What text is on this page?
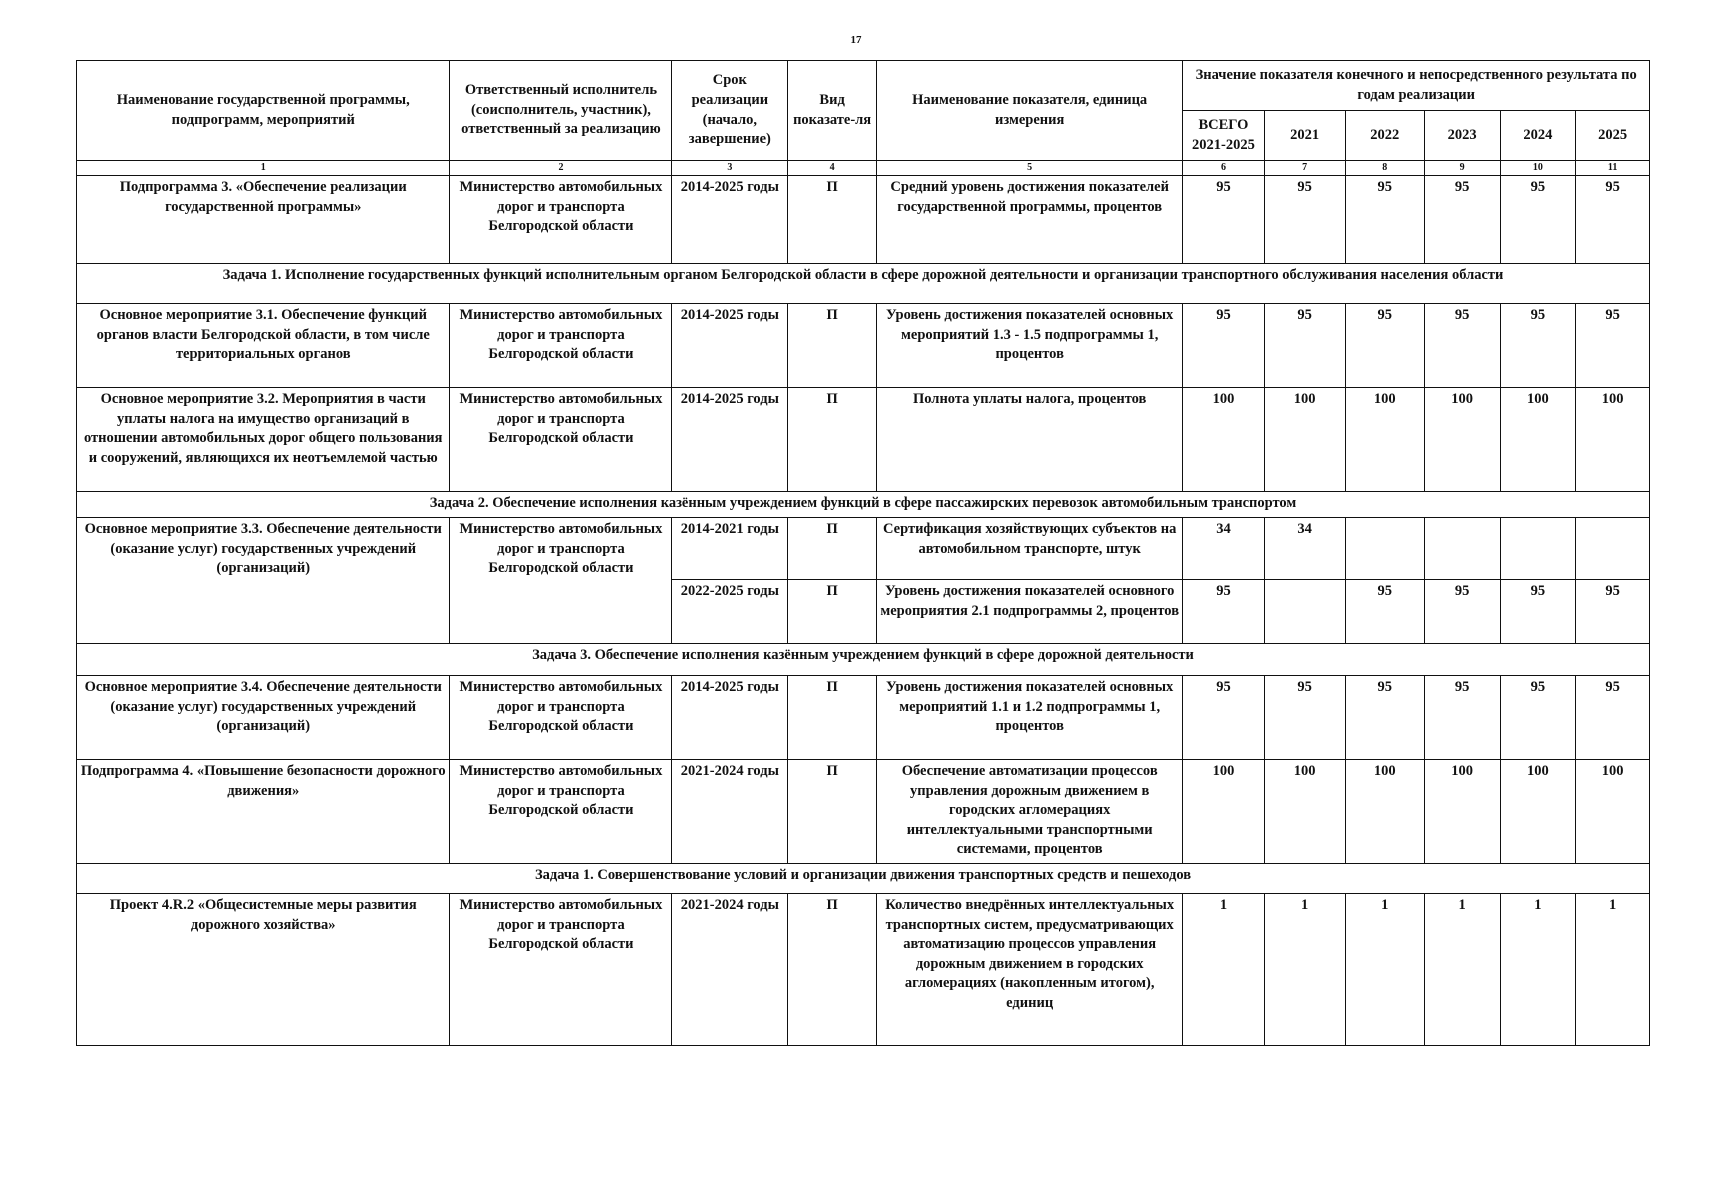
17
Наименование государственной программы, подпрограмм, мероприятий	Ответственный исполнитель (соисполнитель, участник), ответственный за реализацию	Срок реализации (начало, завершение)	Вид показате-ля	Наименование показателя, единица измерения	Значение показателя конечного и непосредственного результата по годам реализации					
					ВСЕГО 2021-2025	2021	2022	2023	2024	2025
1	2	3	4	5	6	7	8	9	10	11
Подпрограмма 3. «Обеспечение реализации государственной программы»	Министерство автомобильных дорог и транспорта Белгородской области	2014-2025 годы	П	Средний уровень достижения показателей государственной программы, процентов	95	95	95	95	95	95
Задача 1. Исполнение государственных функций исполнительным органом Белгородской области в сфере дорожной деятельности и организации транспортного обслуживания населения области										
Основное мероприятие 3.1. Обеспечение функций органов власти Белгородской области, в том числе территориальных органов	Министерство автомобильных дорог и транспорта Белгородской области	2014-2025 годы	П	Уровень достижения показателей основных мероприятий 1.3 - 1.5 подпрограммы 1, процентов	95	95	95	95	95	95
Основное мероприятие 3.2. Мероприятия в части уплаты налога на имущество организаций в отношении автомобильных дорог общего пользования и сооружений, являющихся их неотъемлемой частью	Министерство автомобильных дорог и транспорта Белгородской области	2014-2025 годы	П	Полнота уплаты налога, процентов	100	100	100	100	100	100
Задача 2. Обеспечение исполнения казённым учреждением функций в сфере пассажирских перевозок автомобильным транспортом										
Основное мероприятие 3.3. Обеспечение деятельности (оказание услуг) государственных учреждений (организаций)	Министерство автомобильных дорог и транспорта Белгородской области	2014-2021 годы	П	Сертификация хозяйствующих субъектов на автомобильном транспорте, штук	34	34				
		2022-2025 годы	П	Уровень достижения показателей основного мероприятия 2.1 подпрограммы 2, процентов	95		95	95	95	95
Задача 3. Обеспечение исполнения казённым учреждением функций в сфере дорожной деятельности										
Основное мероприятие 3.4. Обеспечение деятельности (оказание услуг) государственных учреждений (организаций)	Министерство автомобильных дорог и транспорта Белгородской области	2014-2025 годы	П	Уровень достижения показателей основных мероприятий 1.1 и 1.2 подпрограммы 1, процентов	95	95	95	95	95	95
Подпрограмма 4. «Повышение безопасности дорожного движения»	Министерство автомобильных дорог и транспорта Белгородской области	2021-2024 годы	П	Обеспечение автоматизации процессов управления дорожным движением в городских агломерациях интеллектуальными транспортными системами, процентов	100	100	100	100	100	100
Задача 1. Совершенствование условий и организации движения транспортных средств и пешеходов										
Проект 4.R.2 «Общесистемные меры развития дорожного хозяйства»	Министерство автомобильных дорог и транспорта Белгородской области	2021-2024 годы	П	Количество внедрённых интеллектуальных транспортных систем, предусматривающих автоматизацию процессов управления дорожным движением в городских агломерациях (накопленным итогом), единиц	1	1	1	1	1	1
